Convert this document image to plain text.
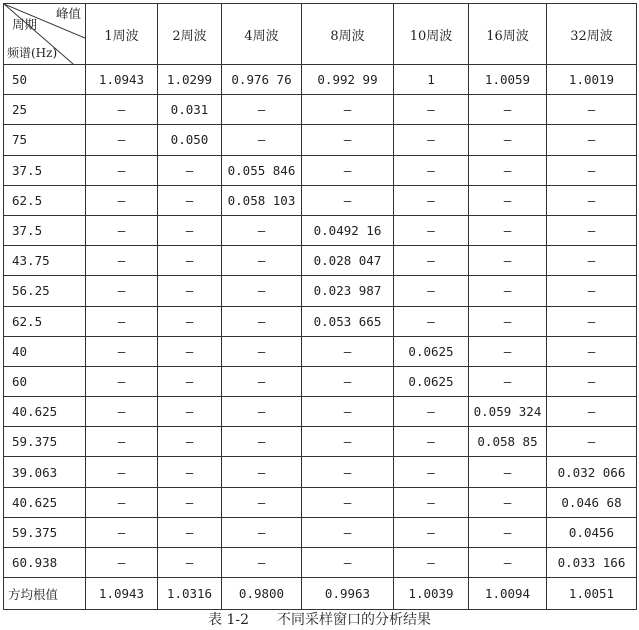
峰值
周期
频谱(Hz)	1周波	2周波	4周波	8周波	10周波	16周波	32周波
50	1.0943	1.0299	0.976 76	0.992 99	1	1.0059	1.0019
25	–	0.031	–	–	–	–	–
75	–	0.050	–	–	–	–	–
37.5	–	–	0.055 846	–	–	–	–
62.5	–	–	0.058 103	–	–	–	–
37.5	–	–	–	0.0492 16	–	–	–
43.75	–	–	–	0.028 047	–	–	–
56.25	–	–	–	0.023 987	–	–	–
62.5	–	–	–	0.053 665	–	–	–
40	–	–	–	–	0.0625	–	–
60	–	–	–	–	0.0625	–	–
40.625	–	–	–	–	–	0.059 324	–
59.375	–	–	–	–	–	0.058 85	–
39.063	–	–	–	–	–	–	0.032 066
40.625	–	–	–	–	–	–	0.046 68
59.375	–	–	–	–	–	–	0.0456
60.938	–	–	–	–	–	–	0.033 166
方均根值	1.0943	1.0316	0.9800	0.9963	1.0039	1.0094	1.0051
表 1-2 不同采样窗口的分析结果
